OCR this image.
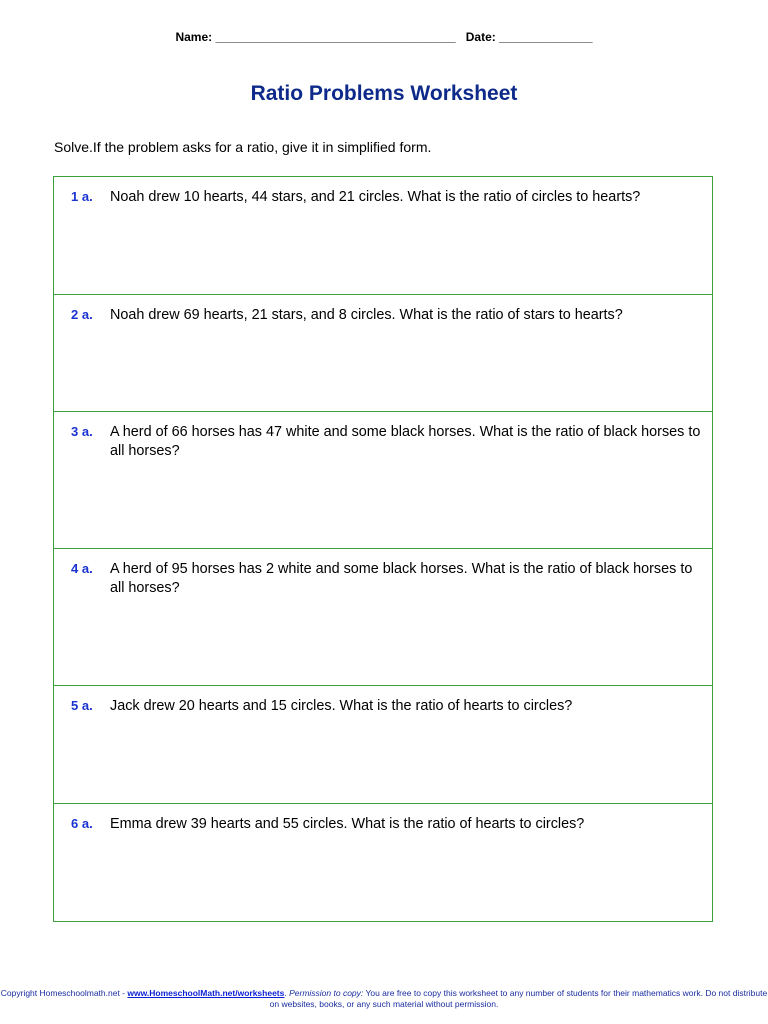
Name: ____________________________________ Date: ______________
Ratio Problems Worksheet
Solve.If the problem asks for a ratio, give it in simplified form.
1 a. Noah drew 10 hearts, 44 stars, and 21 circles. What is the ratio of circles to hearts?
2 a. Noah drew 69 hearts, 21 stars, and 8 circles. What is the ratio of stars to hearts?
3 a. A herd of 66 horses has 47 white and some black horses. What is the ratio of black horses to all horses?
4 a. A herd of 95 horses has 2 white and some black horses. What is the ratio of black horses to all horses?
5 a. Jack drew 20 hearts and 15 circles. What is the ratio of hearts to circles?
6 a. Emma drew 39 hearts and 55 circles. What is the ratio of hearts to circles?
Copyright Homeschoolmath.net - www.HomeschoolMath.net/worksheets. Permission to copy: You are free to copy this worksheet to any number of students for their mathematics work. Do not distribute on websites, books, or any such material without permission.
